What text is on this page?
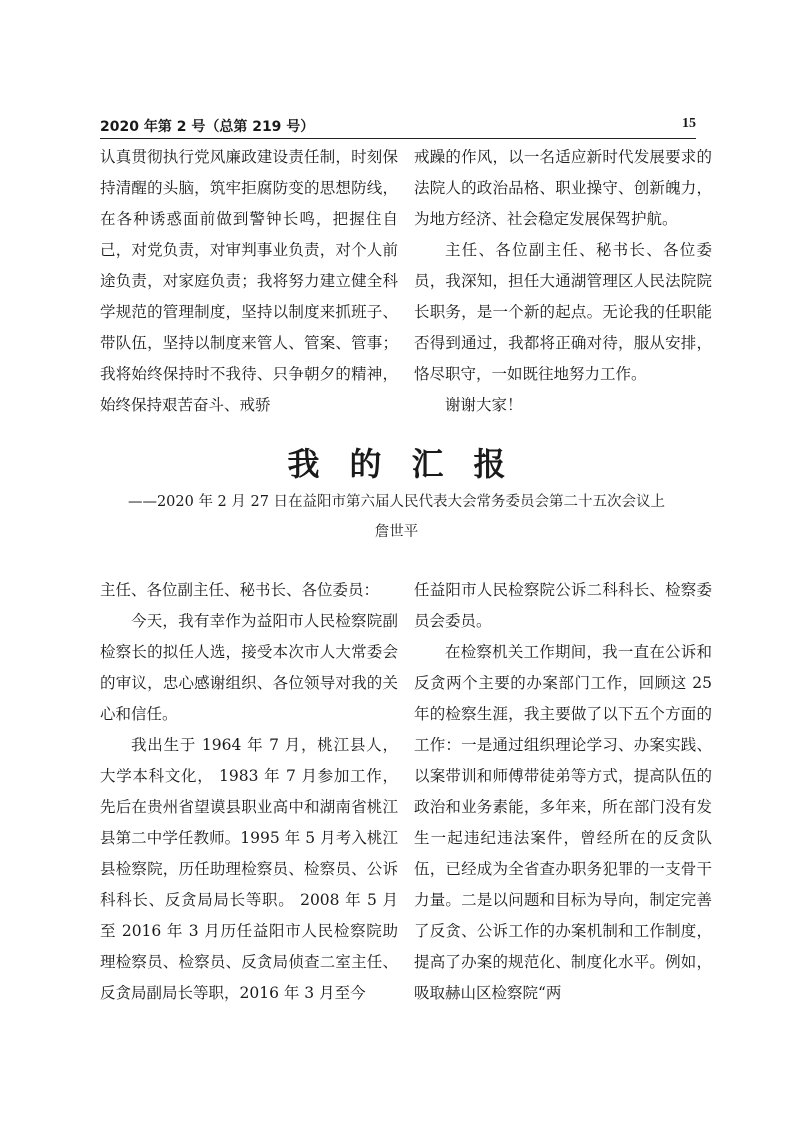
2020 年第 2 号（总第 219 号）	15

认真贯彻执行党风廉政建设责任制，时刻保持清醒的头脑，筑牢拒腐防变的思想防线，在各种诱惑面前做到警钟长鸣，把握住自己，对党负责，对审判事业负责，对个人前途负责，对家庭负责；我将努力建立健全科学规范的管理制度，坚持以制度来抓班子、带队伍，坚持以制度来管人、管案、管事；我将始终保持时不我待、只争朝夕的精神，始终保持艰苦奋斗、戒骄

戒躁的作风，以一名适应新时代发展要求的法院人的政治品格、职业操守、创新魄力，为地方经济、社会稳定发展保驾护航。

主任、各位副主任、秘书长、各位委员，我深知，担任大通湖管理区人民法院院长职务，是一个新的起点。无论我的任职能否得到通过，我都将正确对待，服从安排，恪尽职守，一如既往地努力工作。

谢谢大家！

我的汇报
——2020 年 2 月 27 日在益阳市第六届人民代表大会常务委员会第二十五次会议上
詹世平

主任、各位副主任、秘书长、各位委员：

今天，我有幸作为益阳市人民检察院副检察长的拟任人选，接受本次市人大常委会的审议，忠心感谢组织、各位领导对我的关心和信任。

我出生于 1964 年 7 月，桃江县人，大学本科文化， 1983 年 7 月参加工作，先后在贵州省望谟县职业高中和湖南省桃江县第二中学任教师。1995 年 5 月考入桃江县检察院，历任助理检察员、检察员、公诉科科长、反贪局局长等职。 2008 年 5 月至 2016 年 3 月历任益阳市人民检察院助理检察员、检察员、反贪局侦查二室主任、反贪局副局长等职，2016 年 3 月至今

任益阳市人民检察院公诉二科科长、检察委员会委员。

在检察机关工作期间，我一直在公诉和反贪两个主要的办案部门工作，回顾这 25 年的检察生涯，我主要做了以下五个方面的工作：一是通过组织理论学习、办案实践、以案带训和师傅带徒弟等方式，提高队伍的政治和业务素能，多年来，所在部门没有发生一起违纪违法案件，曾经所在的反贪队伍，已经成为全省查办职务犯罪的一支骨干力量。二是以问题和目标为导向，制定完善了反贪、公诉工作的办案机制和工作制度，提高了办案的规范化、制度化水平。例如，吸取赫山区检察院“两
